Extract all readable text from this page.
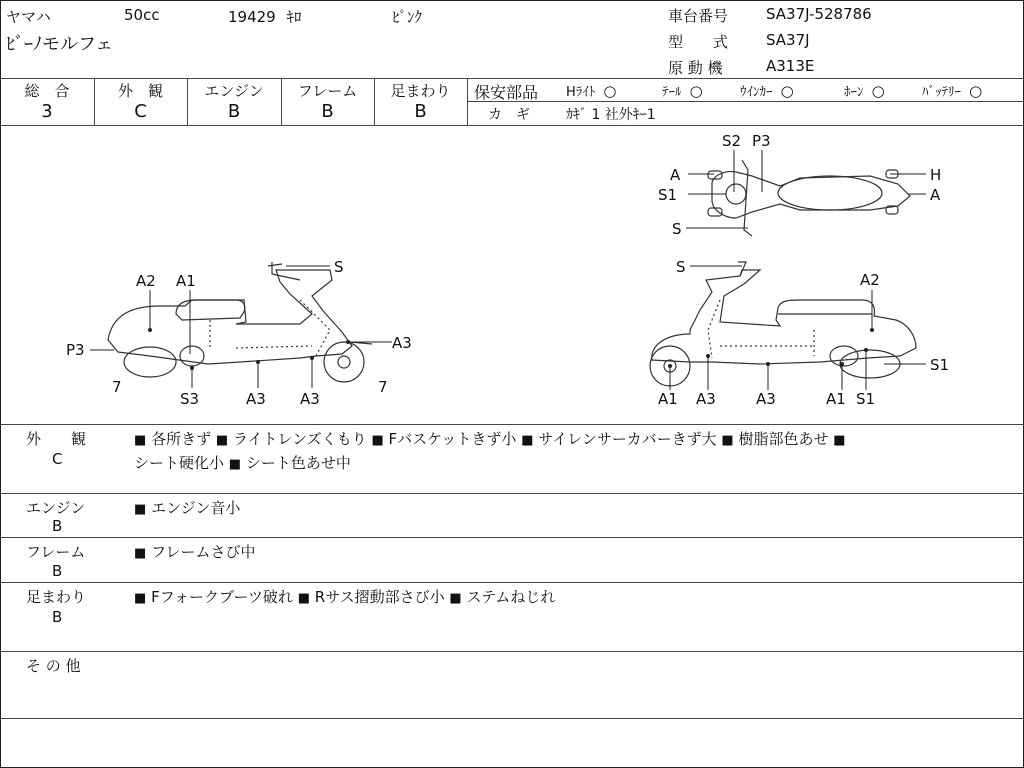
ヤマハ	50cc	19429 ｷﾛ	ﾋﾟﾝｸ
ﾋﾞｰﾉモルフェ
車台番号	SA37J-528786
型　　式	SA37J
原 動 機	A313E
総　合
3
外　観
C
エンジン
B
フレーム
B
足まわり
B
保安部品 Hﾗｲﾄ ○	ﾃｰﾙ ○	ｳｲﾝｶｰ ○	ﾎｰﾝ ○	ﾊﾞｯﾃﾘｰ ○
カ　ギ	ｶｷﾞ 1 社外ｷｰ1
A2 A1
S
P3
7
S3	A3 A3
7
A3
S
A2
S1
A1 A3	A3	A1 S1
S2 P3
A
S1
S
H
A
外　　観
C
■ 各所きず ■ ライトレンズくもり ■ Fバスケットきず小 ■ サイレンサーカバーきず大 ■ 樹脂部色あせ ■
シート硬化小 ■ シート色あせ中
エンジン
B
■ エンジン音小
フレーム
B
■ フレームさび中
足まわり
B
■ Fフォークブーツ破れ ■ Rサス摺動部さび小 ■ ステムねじれ
そ の 他
